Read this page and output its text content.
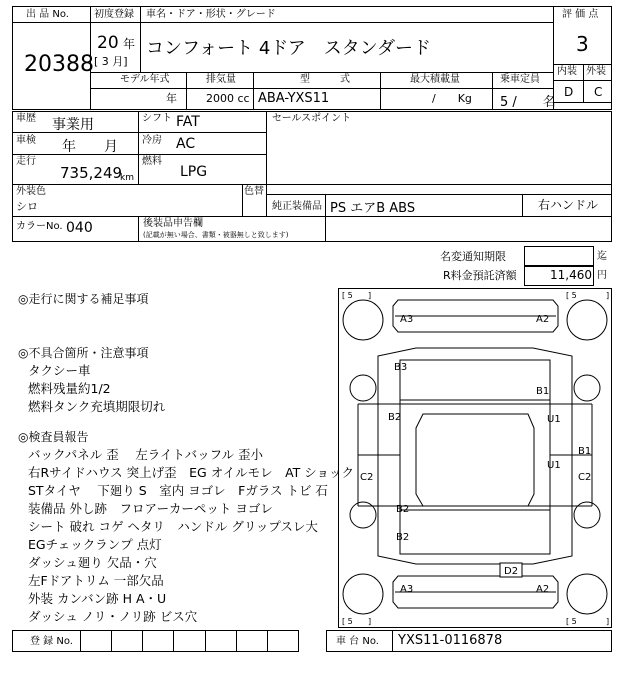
出 品 No.
20388
初度登録
20 年
[ 3 月]
車名・ドア・形状・グレード
コンフォート 4ドア　スタンダード
モデル年式
年
排気量
2000 cc
型　　　式
ABA-YXS11
最大積載量
/　　Kg
乗車定員
5 /　　名
評 価 点
3
内装 外装
D C
車歴 事業用	シフト FAT
車検 年　　月 冷房 AC
走行
735,249
km
燃料
LPG
セールスポイント
外装色
シロ
色替
純正装備品 PS エアB ABS	右ハンドル
カラーNo. 040	後装品申告欄
(記載が無い場合、書類・被器無しと致します)
名変通知期限	迄
R料金預託済額	11,460 円
◎走行に関する補足事項
◎不具合箇所・注意事項
タクシー車
燃料残量約1/2
燃料タンク充填期限切れ
◎検査員報告
バックパネル 歪　 左ライトバッフル 歪小
右Rサイドハウス 突上げ歪　EG オイルモレ　AT ショック
STタイヤ　 下廻り S　室内 ヨゴレ　Fガラス トビ 石
装備品 外し跡　フロアーカーペット ヨゴレ
シート 破れ コゲ ヘタリ　ハンドル グリップスレ大
EGチェックランプ 点灯
ダッシュ廻り 欠品・穴
左Fドアトリム 一部欠品
外装 カンバン跡 H A・U
ダッシュ ノリ・ノリ跡 ビス穴
[ 5 ]	[ 5	]
[ 5 ]	[ 5	]
A3	A2
B3
B1
B2	U1
U1
B1
C2	C2
B2
B2
D2
A3	A2
登 録 No.	車 台 No. YXS11-0116878
